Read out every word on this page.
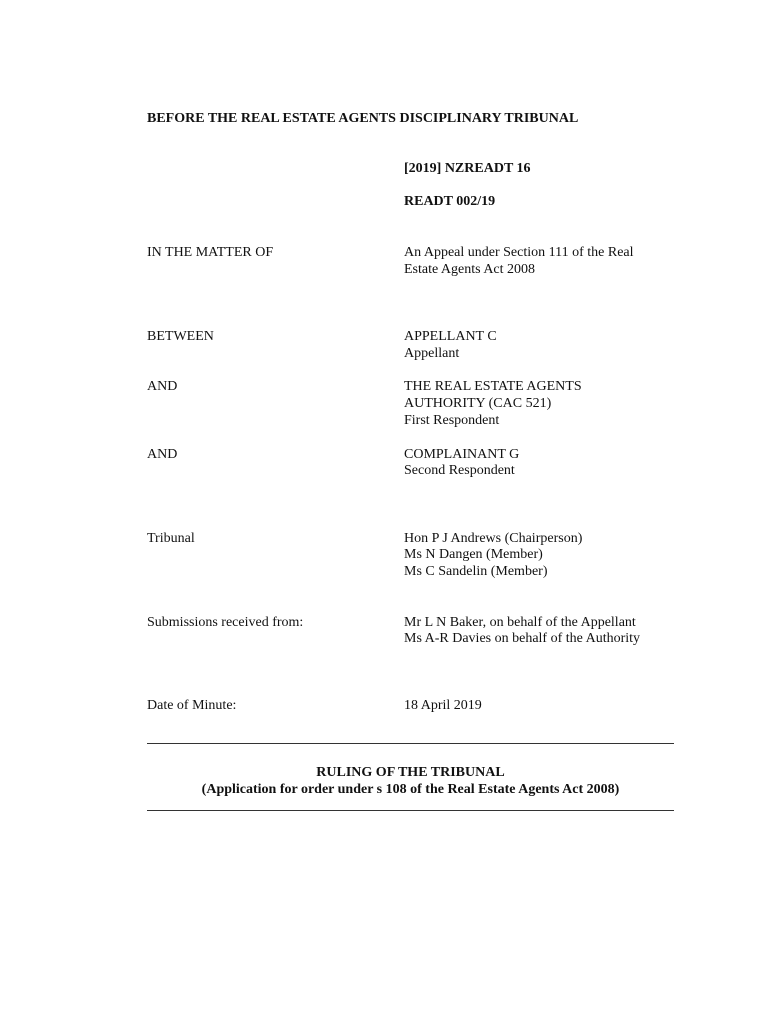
BEFORE THE REAL ESTATE AGENTS DISCIPLINARY TRIBUNAL
[2019] NZREADT 16
READT 002/19
IN THE MATTER OF	An Appeal under Section 111 of the Real
Estate Agents Act 2008
BETWEEN	APPELLANT C
Appellant
AND	THE REAL ESTATE AGENTS
AUTHORITY (CAC 521)
First Respondent
AND	COMPLAINANT G
Second Respondent
Tribunal	Hon P J Andrews (Chairperson)
Ms N Dangen (Member)
Ms C Sandelin (Member)
Submissions received from:	Mr L N Baker, on behalf of the Appellant
Ms A-R Davies on behalf of the Authority
Date of Minute:	18 April 2019
RULING OF THE TRIBUNAL
(Application for order under s 108 of the Real Estate Agents Act 2008)
